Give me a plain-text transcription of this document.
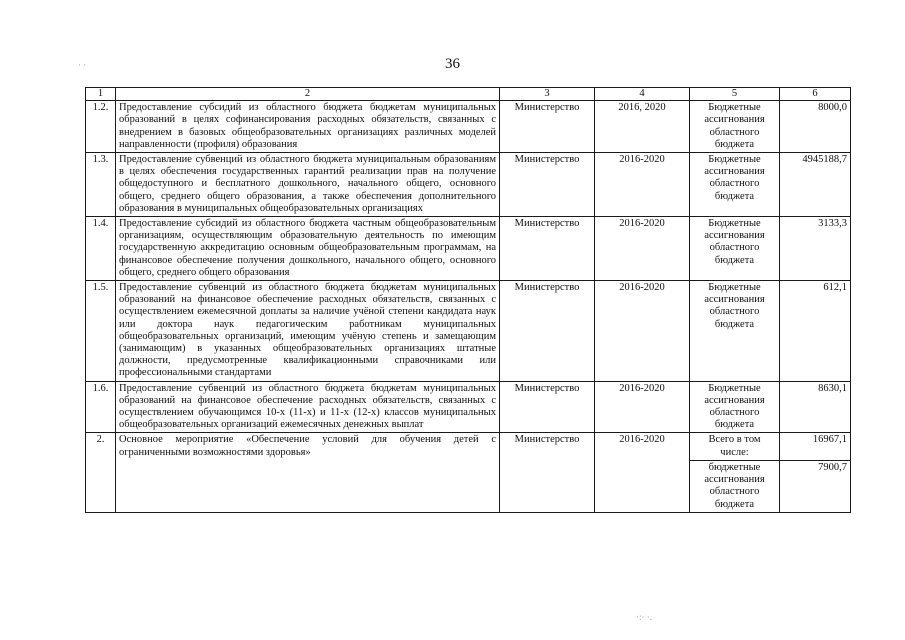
36
· ·
·:· ·.
1	2	3	4	5	6
1.2.	Предоставление субсидий из областного бюджета бюджетам муниципальных образований в целях софинансирования расходных обязательств, связанных с внедрением в базовых общеобразовательных организациях различных моделей направленности (профиля) образования	Министерство	2016, 2020	Бюджетные ассигнования областного бюджета	8000,0
1.3.	Предоставление субвенций из областного бюджета муниципальным образованиям в целях обеспечения государственных гарантий реализации прав на получение общедоступного и бесплатного дошкольного, начального общего, основного общего, среднего общего образования, а также обеспечения дополнительного образования в муниципальных общеобразовательных организациях	Министерство	2016-2020	Бюджетные ассигнования областного бюджета	4945188,7
1.4.	Предоставление субсидий из областного бюджета частным общеобразовательным организациям, осуществляющим образовательную деятельность по имеющим государственную аккредитацию основным общеобразовательным программам, на финансовое обеспечение получения дошкольного, начального общего, основного общего, среднего общего образования	Министерство	2016-2020	Бюджетные ассигнования областного бюджета	3133,3
1.5.	Предоставление субвенций из областного бюджета бюджетам муниципальных образований на финансовое обеспечение расходных обязательств, связанных с осуществлением ежемесячной доплаты за наличие учёной степени кандидата наук или доктора наук педагогическим работникам муниципальных общеобразовательных организаций, имеющим учёную степень и замещающим (занимающим) в указанных общеобразовательных организациях штатные должности, предусмотренные квалификационными справочниками или профессиональными стандартами	Министерство	2016-2020	Бюджетные ассигнования областного бюджета	612,1
1.6.	Предоставление субвенций из областного бюджета бюджетам муниципальных образований на финансовое обеспечение расходных обязательств, связанных с осуществлением обучающимся 10-х (11-х) и 11-х (12-х) классов муниципальных общеобразовательных организаций ежемесячных денежных выплат	Министерство	2016-2020	Бюджетные ассигнования областного бюджета	8630,1
2.	Основное мероприятие «Обеспечение условий для обучения детей с ограниченными возможностями здоровья»	Министерство	2016-2020	Всего в том числе:	16967,1
				бюджетные ассигнования областного бюджета	7900,7
